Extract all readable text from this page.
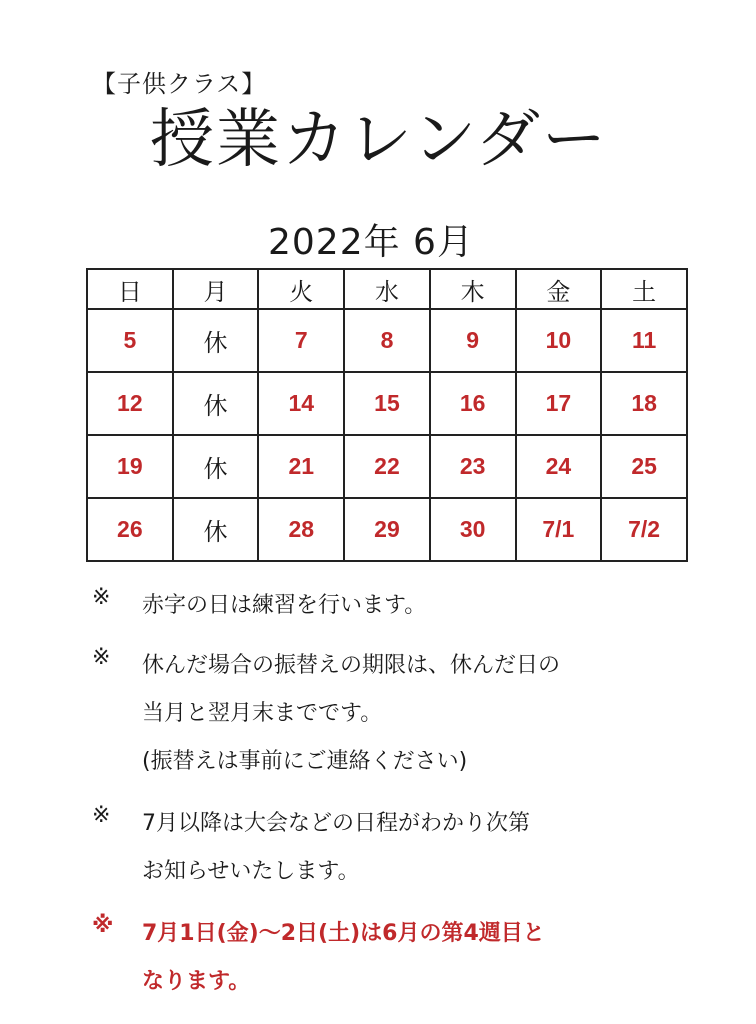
【子供クラス】
授業カレンダー
2022年 6月
日	月	火	水	木	金	土
5	休	7	8	9	10	11
12	休	14	15	16	17	18
19	休	21	22	23	24	25
26	休	28	29	30	7/1	7/2
※	赤字の日は練習を行います。
※	休んだ場合の振替えの期限は、休んだ日の
当月と翌月末までです。
(振替えは事前にご連絡ください)
※	7月以降は大会などの日程がわかり次第
お知らせいたします。
※	7月1日(金)～2日(土)は6月の第4週目と
なります。
